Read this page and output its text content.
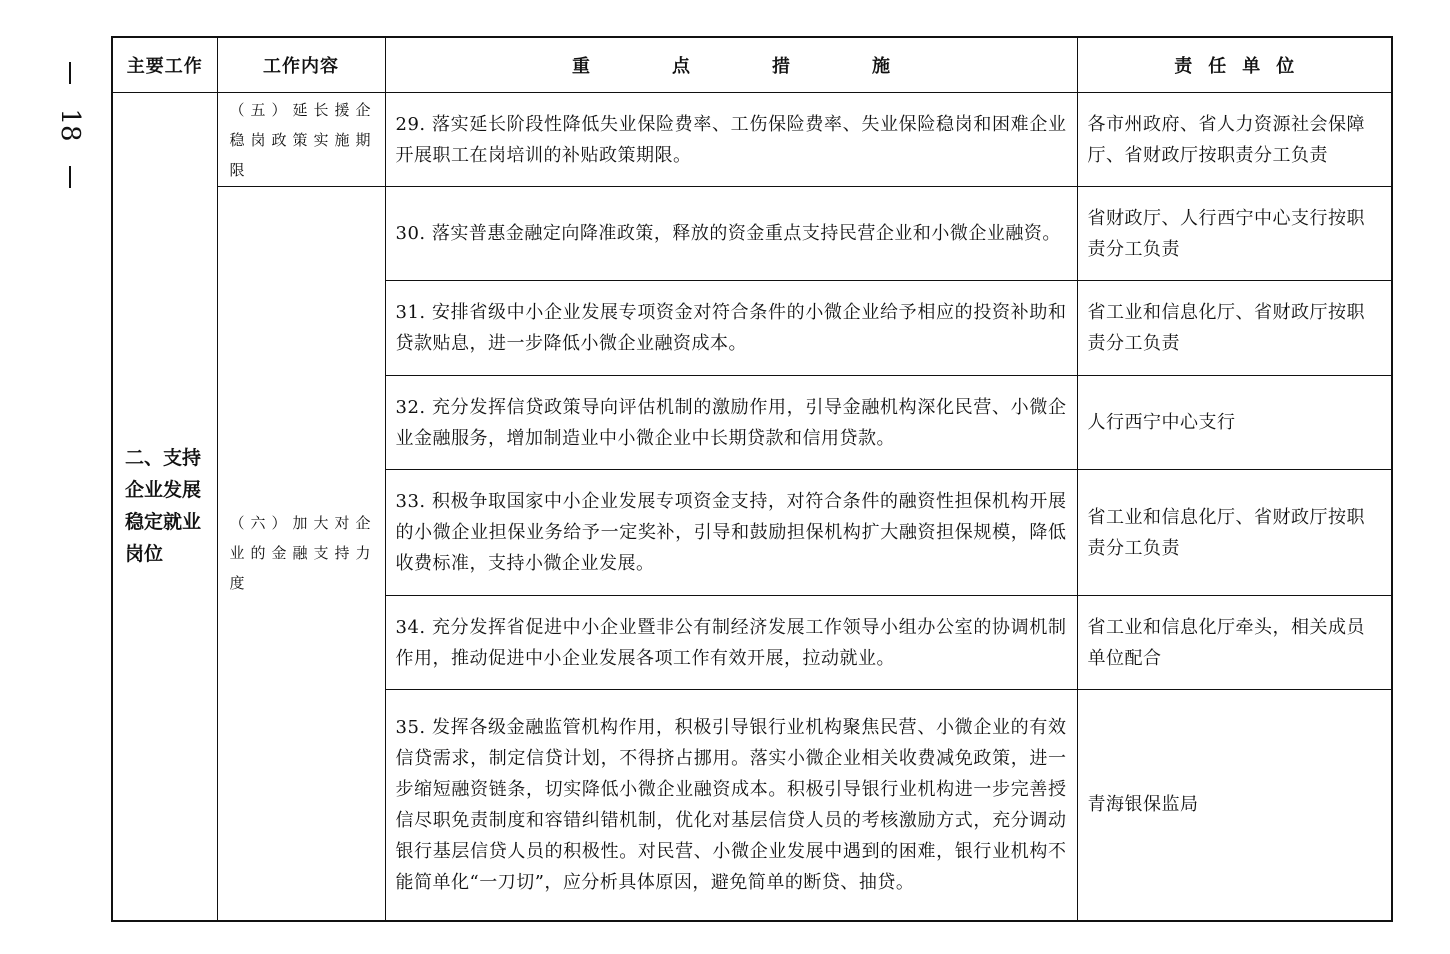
18
主要工作	工作内容	重点措施	责任单位
二、支持企业发展稳定就业岗位	（五）延长援企稳岗政策实施期限	29. 落实延长阶段性降低失业保险费率、工伤保险费率、失业保险稳岗和困难企业开展职工在岗培训的补贴政策期限。	各市州政府、省人力资源社会保障厅、省财政厅按职责分工负责
	（六）加大对企业的金融支持力度	30. 落实普惠金融定向降准政策，释放的资金重点支持民营企业和小微企业融资。	省财政厅、人行西宁中心支行按职责分工负责
		31. 安排省级中小企业发展专项资金对符合条件的小微企业给予相应的投资补助和贷款贴息，进一步降低小微企业融资成本。	省工业和信息化厅、省财政厅按职责分工负责
		32. 充分发挥信贷政策导向评估机制的激励作用，引导金融机构深化民营、小微企业金融服务，增加制造业中小微企业中长期贷款和信用贷款。	人行西宁中心支行
		33. 积极争取国家中小企业发展专项资金支持，对符合条件的融资性担保机构开展的小微企业担保业务给予一定奖补，引导和鼓励担保机构扩大融资担保规模，降低收费标准，支持小微企业发展。	省工业和信息化厅、省财政厅按职责分工负责
		34. 充分发挥省促进中小企业暨非公有制经济发展工作领导小组办公室的协调机制作用，推动促进中小企业发展各项工作有效开展，拉动就业。	省工业和信息化厅牵头，相关成员单位配合
		35. 发挥各级金融监管机构作用，积极引导银行业机构聚焦民营、小微企业的有效信贷需求，制定信贷计划，不得挤占挪用。落实小微企业相关收费减免政策，进一步缩短融资链条，切实降低小微企业融资成本。积极引导银行业机构进一步完善授信尽职免责制度和容错纠错机制，优化对基层信贷人员的考核激励方式，充分调动银行基层信贷人员的积极性。对民营、小微企业发展中遇到的困难，银行业机构不能简单化“一刀切”，应分析具体原因，避免简单的断贷、抽贷。	青海银保监局
